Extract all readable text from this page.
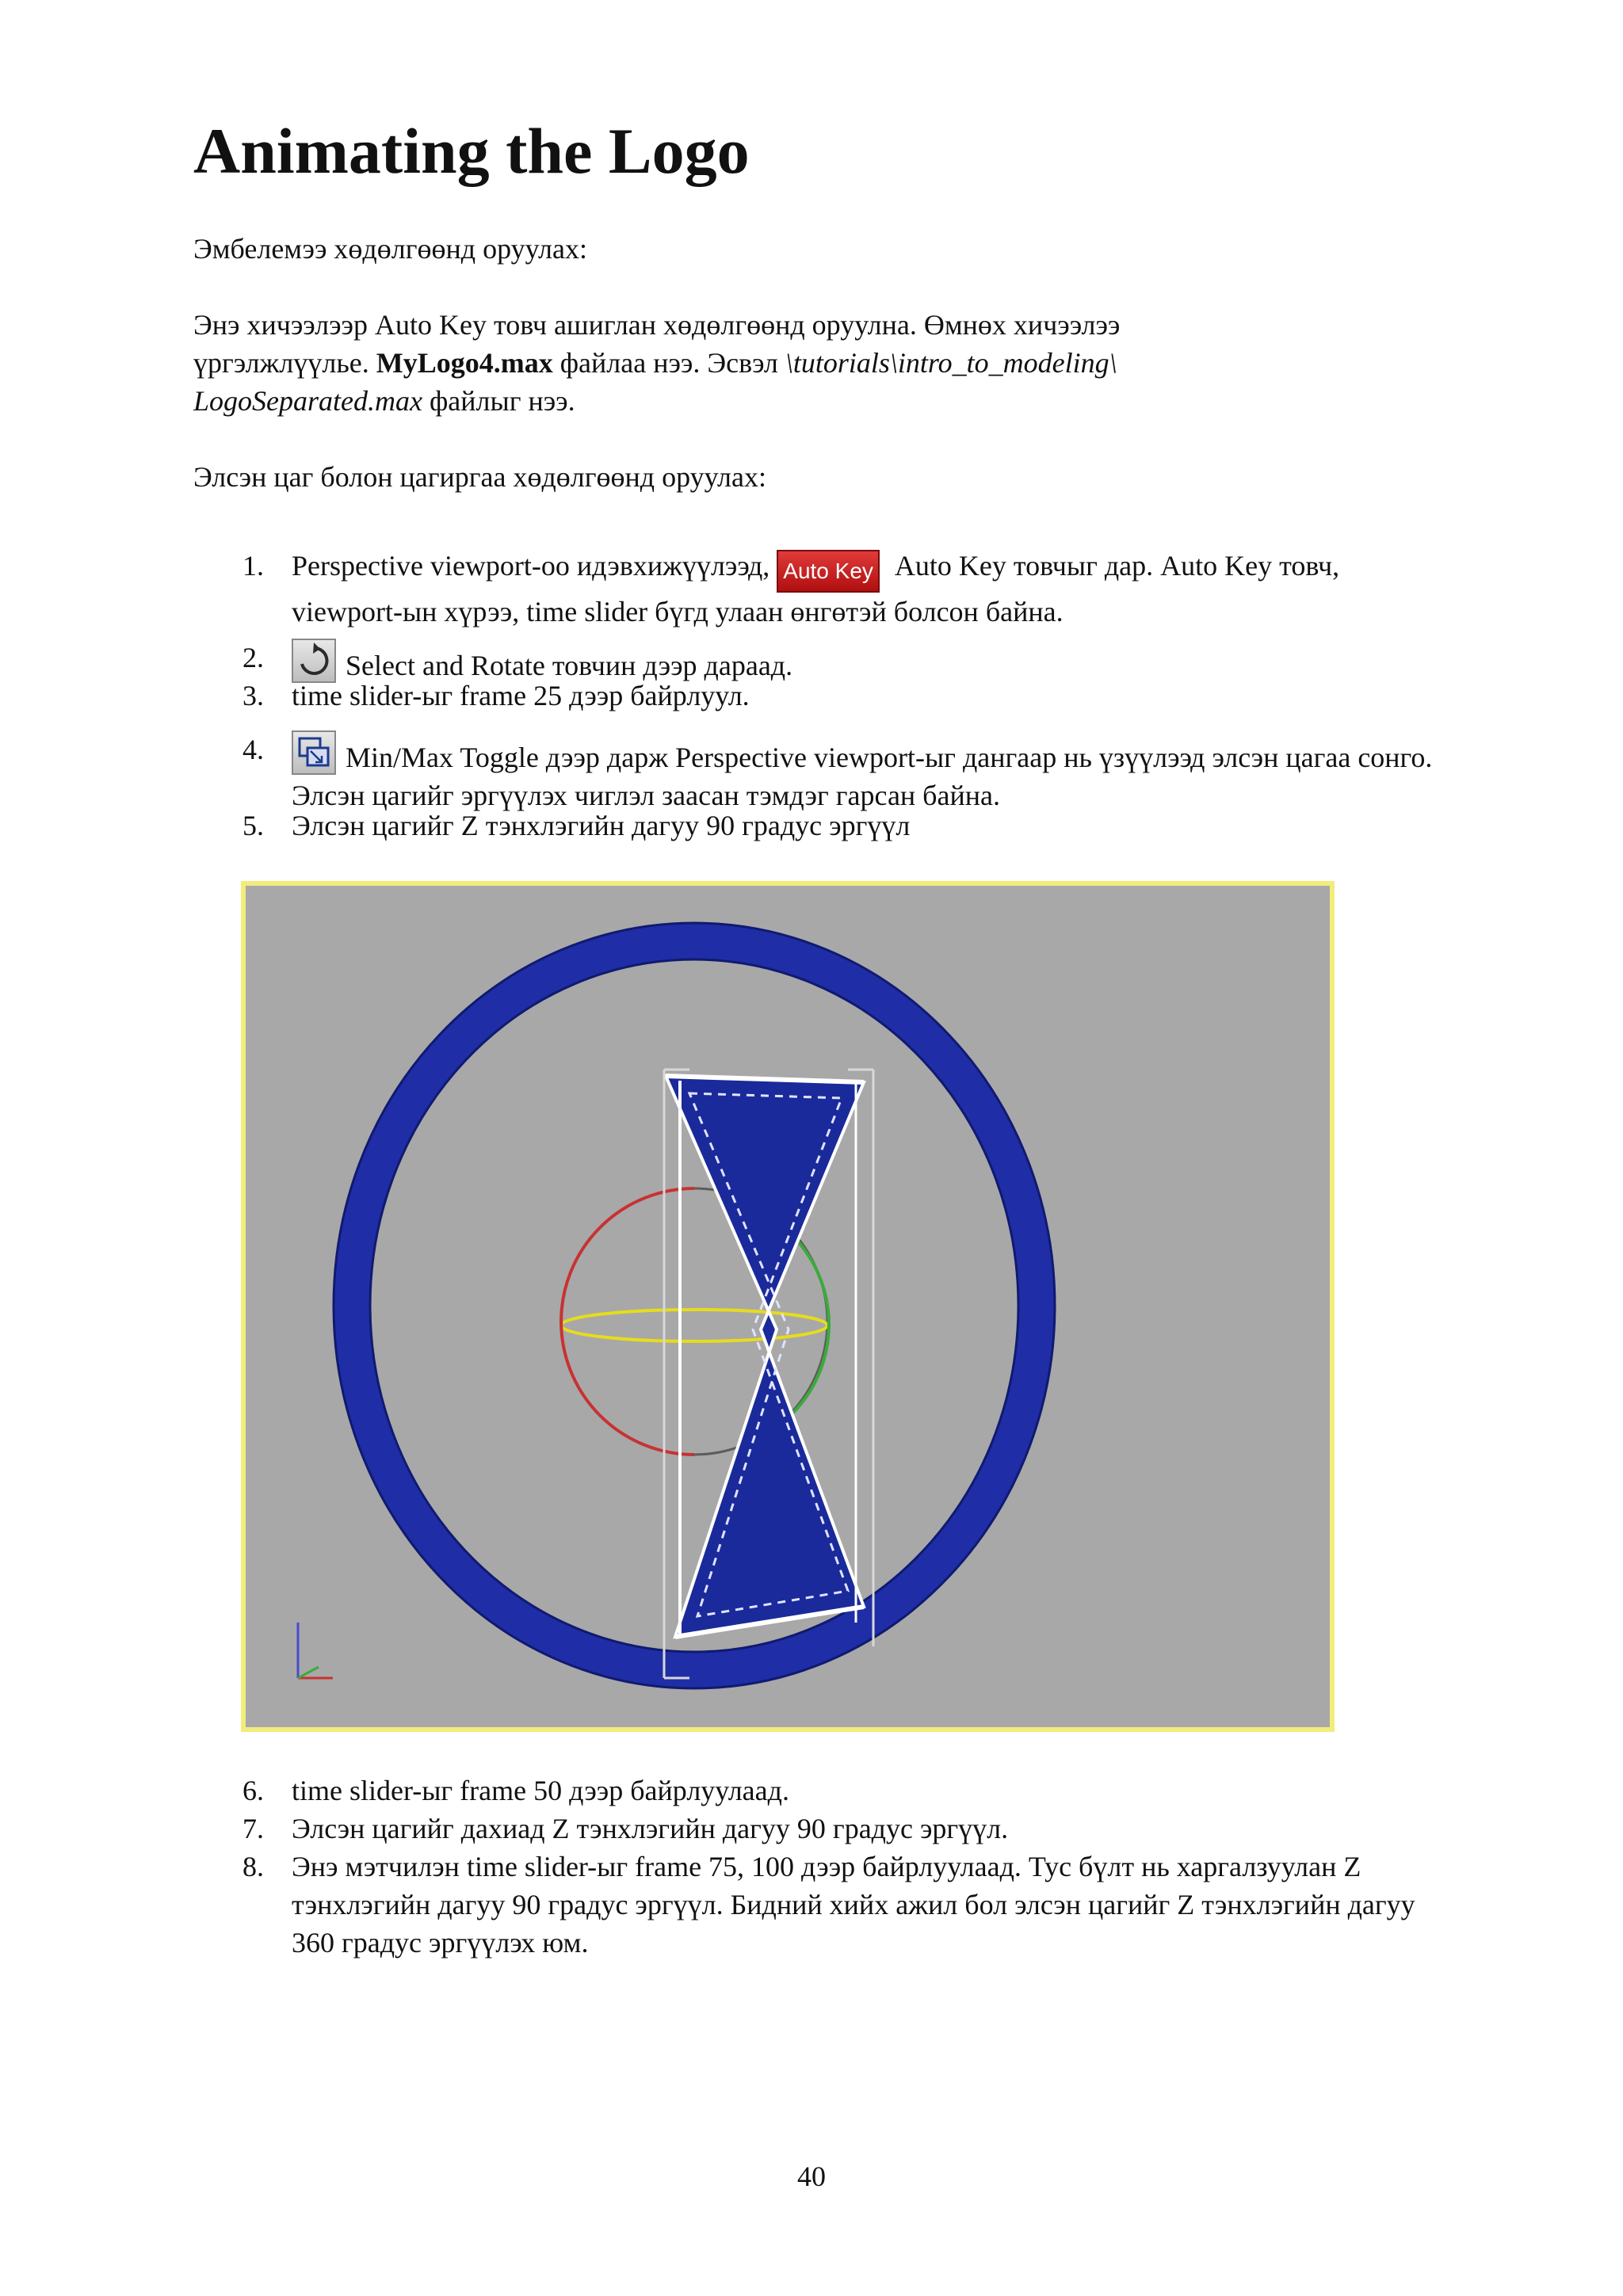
Animating the Logo

Эмбелемээ хөдөлгөөнд оруулах:

Энэ хичээлээр Auto Key товч ашиглан хөдөлгөөнд оруулна. Өмнөх хичээлээ
үргэлжлүүлье. MyLogo4.max файлаа нээ. Эсвэл \tutorials\intro_to_modeling\
LogoSeparated.max файлыг нээ.

Элсэн цаг болон цагиргаа хөдөлгөөнд оруулах:

1. Perspective viewport-оо идэвхижүүлээд, Auto Key Auto Key товчыг дар. Auto Key товч, viewport-ын хүрээ, time slider бүгд улаан өнгөтэй болсон байна.
2.	Select and Rotate товчин дээр дараад.
3. time slider-ыг frame 25 дээр байрлуул.
4.	Min/Max Toggle дээр дарж Perspective viewport-ыг дангаар нь үзүүлээд элсэн цагаа сонго. Элсэн цагийг эргүүлэх чиглэл заасан тэмдэг гарсан байна.
5. Элсэн цагийг Z тэнхлэгийн дагуу 90 градус эргүүл
6. time slider-ыг frame 50 дээр байрлуулаад.
7. Элсэн цагийг дахиад Z тэнхлэгийн дагуу 90 градус эргүүл.
8. Энэ мэтчилэн time slider-ыг frame 75, 100 дээр байрлуулаад. Тус бүлт нь харгалзуулан Z тэнхлэгийн дагуу 90 градус эргүүл. Бидний хийх ажил бол элсэн цагийг Z тэнхлэгийн дагуу 360 градус эргүүлэх юм.
40
